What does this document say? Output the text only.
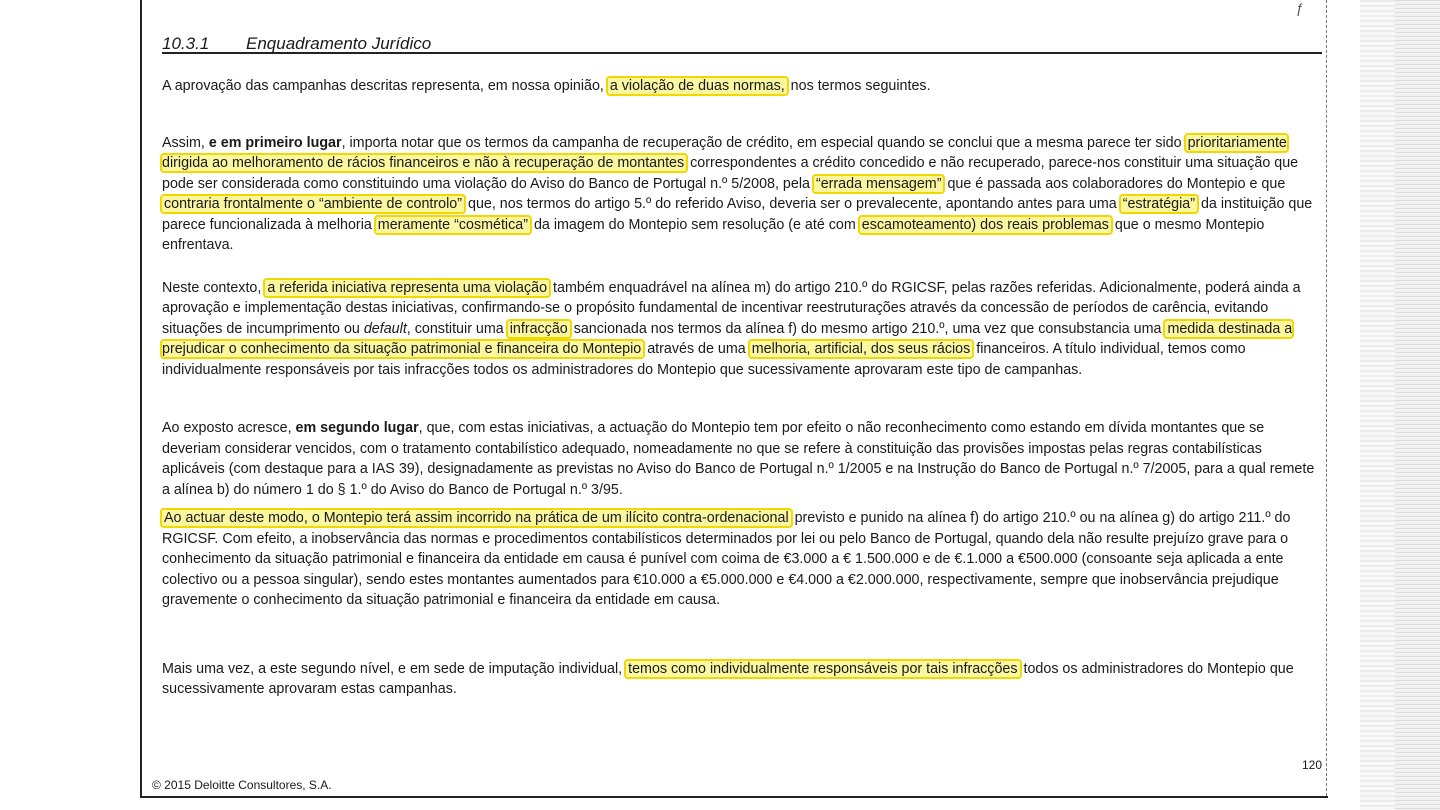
ƒ
10.3.1 Enquadramento Jurídico

A aprovação das campanhas descritas representa, em nossa opinião, a violação de duas normas, nos termos seguintes.

Assim, e em primeiro lugar, importa notar que os termos da campanha de recuperação de crédito, em especial quando se conclui que a mesma parece ter sido prioritariamente dirigida ao melhoramento de rácios financeiros e não à recuperação de montantes correspondentes a crédito concedido e não recuperado, parece-nos constituir uma situação que pode ser considerada como constituindo uma violação do Aviso do Banco de Portugal n.º 5/2008, pela “errada mensagem” que é passada aos colaboradores do Montepio e que contraria frontalmente o “ambiente de controlo” que, nos termos do artigo 5.º do referido Aviso, deveria ser o prevalecente, apontando antes para uma “estratégia” da instituição que parece funcionalizada à melhoria meramente “cosmética” da imagem do Montepio sem resolução (e até com escamoteamento) dos reais problemas que o mesmo Montepio enfrentava.

Neste contexto, a referida iniciativa representa uma violação também enquadrável na alínea m) do artigo 210.º do RGICSF, pelas razões referidas. Adicionalmente, poderá ainda a aprovação e implementação destas iniciativas, confirmando-se o propósito fundamental de incentivar reestruturações através da concessão de períodos de carência, evitando situações de incumprimento ou default, constituir uma infracção sancionada nos termos da alínea f) do mesmo artigo 210.º, uma vez que consubstancia uma medida destinada a prejudicar o conhecimento da situação patrimonial e financeira do Montepio através de uma melhoria, artificial, dos seus rácios financeiros. A título individual, temos como individualmente responsáveis por tais infracções todos os administradores do Montepio que sucessivamente aprovaram este tipo de campanhas.

Ao exposto acresce, em segundo lugar, que, com estas iniciativas, a actuação do Montepio tem por efeito o não reconhecimento como estando em dívida montantes que se deveriam considerar vencidos, com o tratamento contabilístico adequado, nomeadamente no que se refere à constituição das provisões impostas pelas regras contabilísticas aplicáveis (com destaque para a IAS 39), designadamente as previstas no Aviso do Banco de Portugal n.º 1/2005 e na Instrução do Banco de Portugal n.º 7/2005, para a qual remete a alínea b) do número 1 do § 1.º do Aviso do Banco de Portugal n.º 3/95.

Ao actuar deste modo, o Montepio terá assim incorrido na prática de um ilícito contra-ordenacional previsto e punido na alínea f) do artigo 210.º ou na alínea g) do artigo 211.º do RGICSF. Com efeito, a inobservância das normas e procedimentos contabilísticos determinados por lei ou pelo Banco de Portugal, quando dela não resulte prejuízo grave para o conhecimento da situação patrimonial e financeira da entidade em causa é punível com coima de €3.000 a € 1.500.000 e de €.1.000 a €500.000 (consoante seja aplicada a ente colectivo ou a pessoa singular), sendo estes montantes aumentados para €10.000 a €5.000.000 e €4.000 a €2.000.000, respectivamente, sempre que inobservância prejudique gravemente o conhecimento da situação patrimonial e financeira da entidade em causa.

Mais uma vez, a este segundo nível, e em sede de imputação individual, temos como individualmente responsáveis por tais infracções todos os administradores do Montepio que sucessivamente aprovaram estas campanhas.

120
© 2015 Deloitte Consultores, S.A.
